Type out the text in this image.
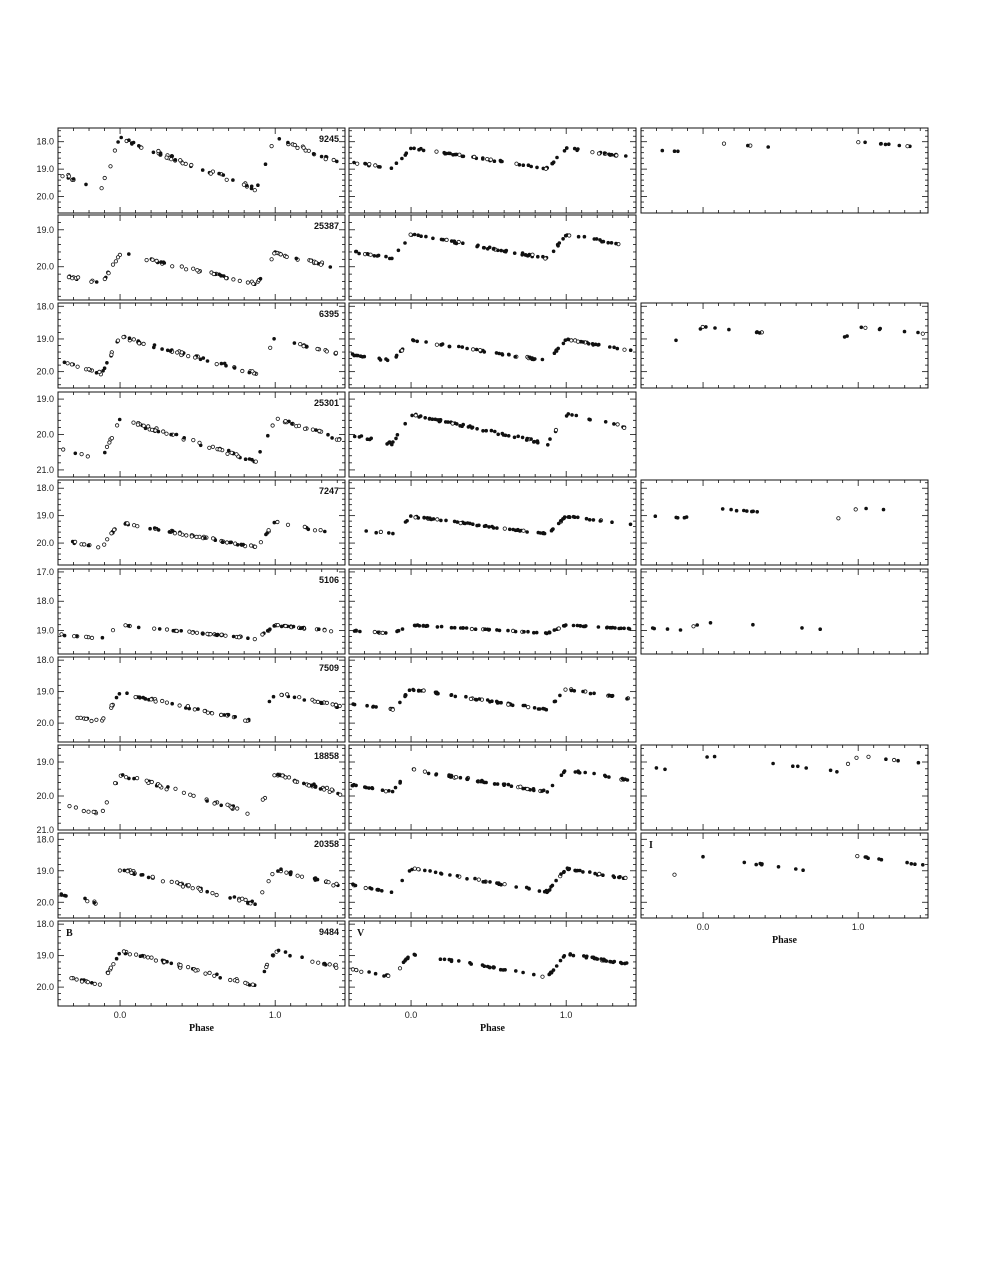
18.0
19.0
20.0
9245
19.0
20.0
25387
18.0
19.0
20.0
6395
19.0
20.0
21.0
25301
18.0
19.0
20.0
7247
17.0
18.0
19.0
5106
18.0
19.0
20.0
7509
19.0
20.0
21.0
18858
18.0
19.0
20.0
20358	I
0.0	1.0
Phase
18.0
19.0
20.0
9484
B
0.0	1.0
Phase
V
0.0	1.0
Phase
